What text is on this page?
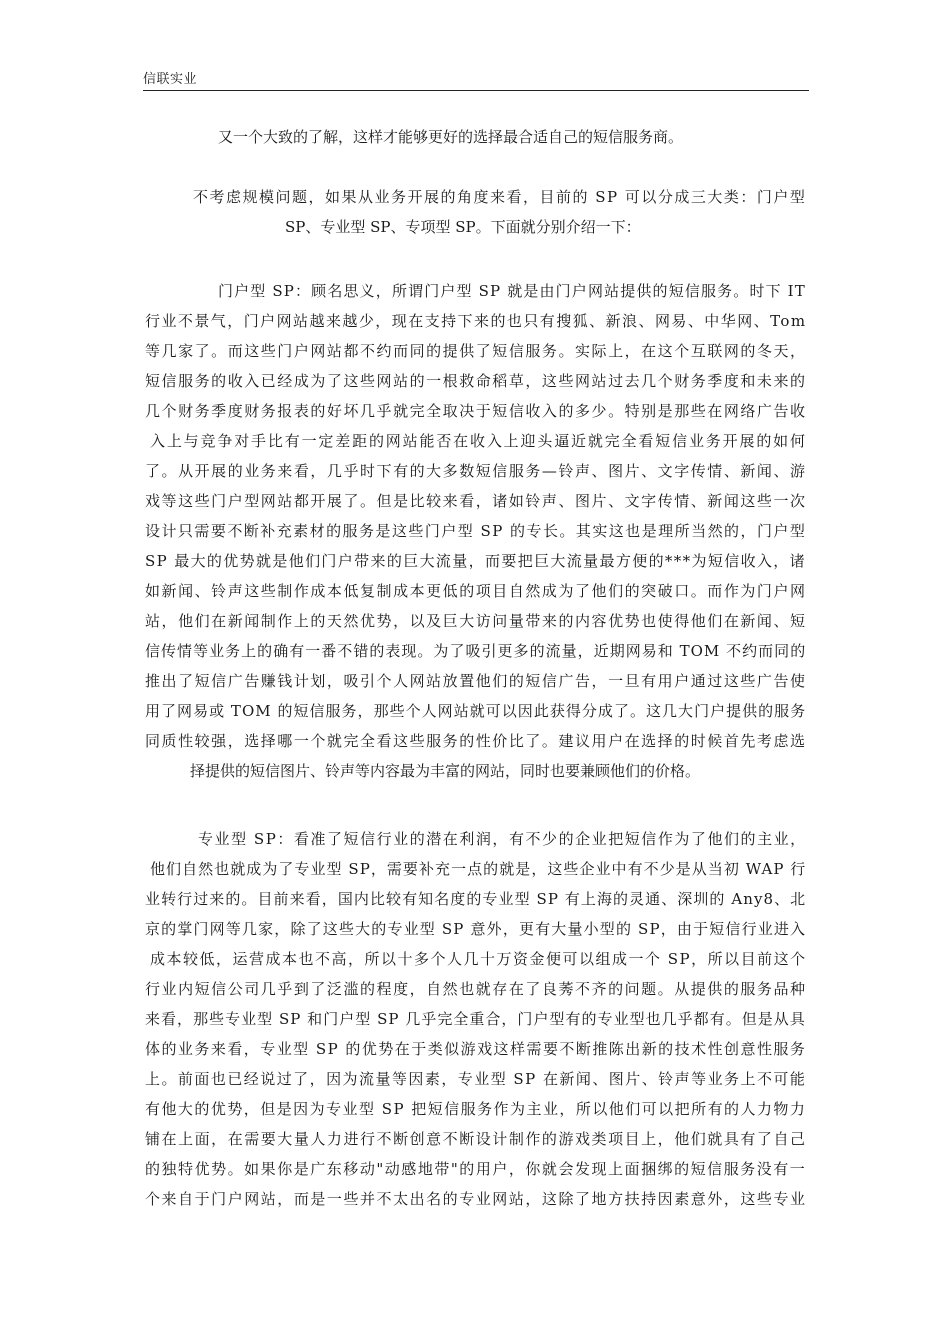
信联实业
又一个大致的了解，这样才能够更好的选择最合适自己的短信服务商。
不考虑规模问题，如果从业务开展的角度来看，目前的 SP 可以分成三大类：门户型
SP、专业型 SP、专项型 SP。下面就分别介绍一下：
门户型 SP：顾名思义，所谓门户型 SP 就是由门户网站提供的短信服务。时下 IT
行业不景气，门户网站越来越少，现在支持下来的也只有搜狐、新浪、网易、中华网、Tom
等几家了。而这些门户网站都不约而同的提供了短信服务。实际上，在这个互联网的冬天，
短信服务的收入已经成为了这些网站的一根救命稻草，这些网站过去几个财务季度和未来的
几个财务季度财务报表的好坏几乎就完全取决于短信收入的多少。特别是那些在网络广告收
入上与竞争对手比有一定差距的网站能否在收入上迎头逼近就完全看短信业务开展的如何
了。从开展的业务来看，几乎时下有的大多数短信服务—铃声、图片、文字传情、新闻、游
戏等这些门户型网站都开展了。但是比较来看，诸如铃声、图片、文字传情、新闻这些一次
设计只需要不断补充素材的服务是这些门户型 SP 的专长。其实这也是理所当然的，门户型
SP 最大的优势就是他们门户带来的巨大流量，而要把巨大流量最方便的***为短信收入，诸
如新闻、铃声这些制作成本低复制成本更低的项目自然成为了他们的突破口。而作为门户网
站，他们在新闻制作上的天然优势，以及巨大访问量带来的内容优势也使得他们在新闻、短
信传情等业务上的确有一番不错的表现。为了吸引更多的流量，近期网易和 TOM 不约而同的
推出了短信广告赚钱计划，吸引个人网站放置他们的短信广告，一旦有用户通过这些广告使
用了网易或 TOM 的短信服务，那些个人网站就可以因此获得分成了。这几大门户提供的服务
同质性较强，选择哪一个就完全看这些服务的性价比了。建议用户在选择的时候首先考虑选
择提供的短信图片、铃声等内容最为丰富的网站，同时也要兼顾他们的价格。
专业型 SP：看准了短信行业的潜在利润，有不少的企业把短信作为了他们的主业，
他们自然也就成为了专业型 SP，需要补充一点的就是，这些企业中有不少是从当初 WAP 行
业转行过来的。目前来看，国内比较有知名度的专业型 SP 有上海的灵通、深圳的 Any8、北
京的掌门网等几家，除了这些大的专业型 SP 意外，更有大量小型的 SP，由于短信行业进入
成本较低，运营成本也不高，所以十多个人几十万资金便可以组成一个 SP，所以目前这个
行业内短信公司几乎到了泛滥的程度，自然也就存在了良莠不齐的问题。从提供的服务品种
来看，那些专业型 SP 和门户型 SP 几乎完全重合，门户型有的专业型也几乎都有。但是从具
体的业务来看，专业型 SP 的优势在于类似游戏这样需要不断推陈出新的技术性创意性服务
上。前面也已经说过了，因为流量等因素，专业型 SP 在新闻、图片、铃声等业务上不可能
有他大的优势，但是因为专业型 SP 把短信服务作为主业，所以他们可以把所有的人力物力
铺在上面，在需要大量人力进行不断创意不断设计制作的游戏类项目上，他们就具有了自己
的独特优势。如果你是广东移动"动感地带"的用户，你就会发现上面捆绑的短信服务没有一
个来自于门户网站，而是一些并不太出名的专业网站，这除了地方扶持因素意外，这些专业
